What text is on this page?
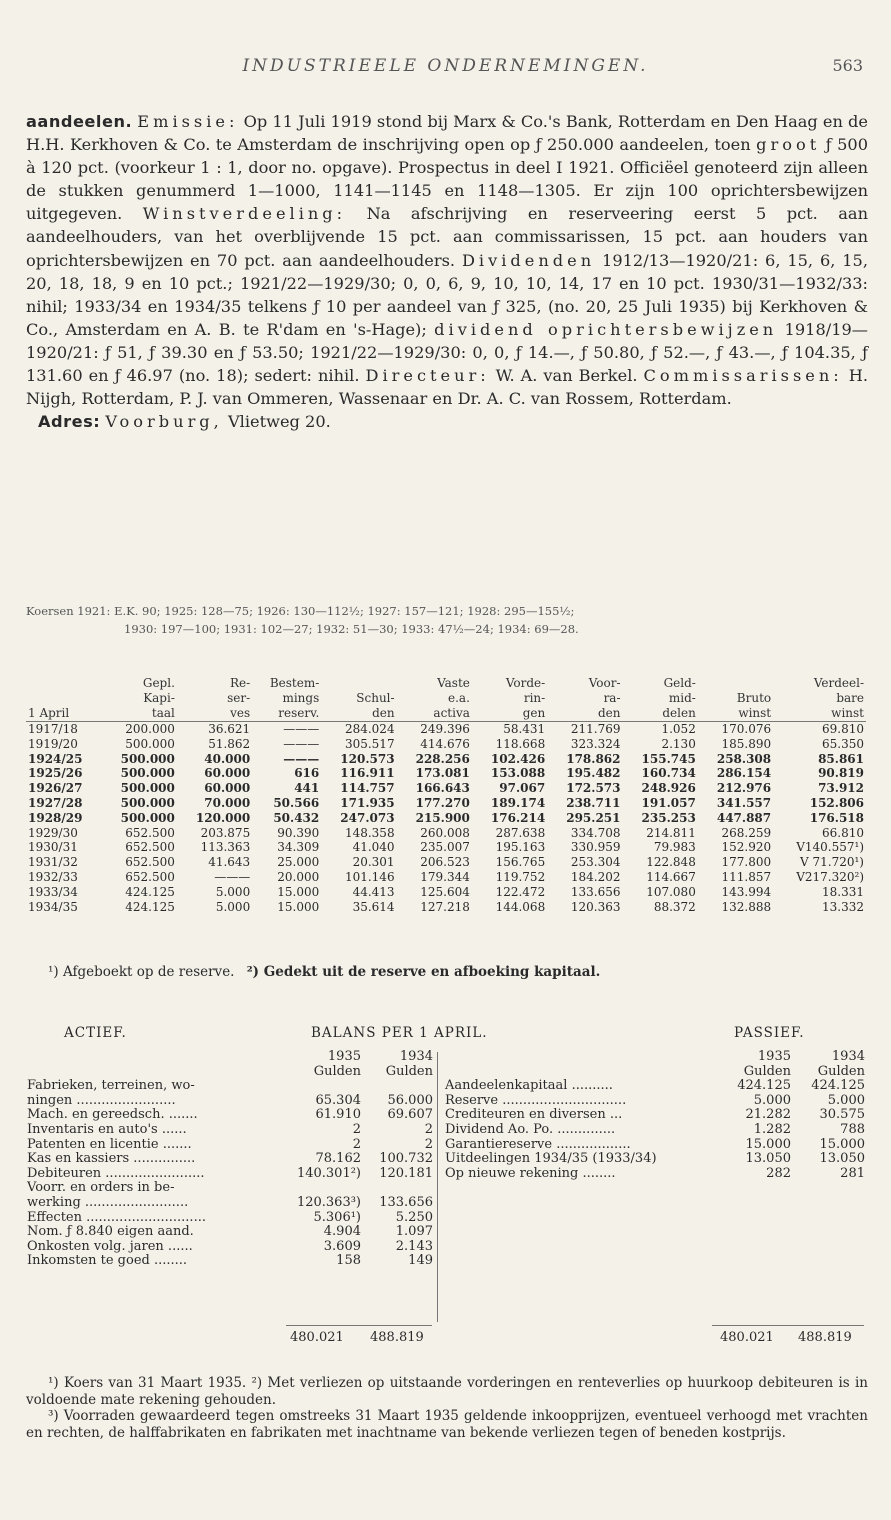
INDUSTRIEELE ONDERNEMINGEN.	563
aandeelen. Emissie: Op 11 Juli 1919 stond bij Marx & Co.'s Bank, Rotterdam en Den Haag en de H.H. Kerkhoven & Co. te Amsterdam de inschrijving open op ƒ 250.000 aandeelen, toen groot ƒ 500 à 120 pct. (voorkeur 1 : 1, door no. opgave). Prospectus in deel I 1921. Officiëel genoteerd zijn alleen de stukken genummerd 1—1000, 1141—1145 en 1148—1305. Er zijn 100 oprichtersbewijzen uitgegeven. Winstverdeeling: Na afschrijving en reserveering eerst 5 pct. aan aandeelhouders, van het overblijvende 15 pct. aan commissarissen, 15 pct. aan houders van oprichtersbewijzen en 70 pct. aan aandeelhouders. Dividenden 1912/13—1920/21: 6, 15, 6, 15, 20, 18, 18, 9 en 10 pct.; 1921/22—1929/30; 0, 0, 6, 9, 10, 10, 14, 17 en 10 pct. 1930/31—1932/33: nihil; 1933/34 en 1934/35 telkens ƒ 10 per aandeel van ƒ 325, (no. 20, 25 Juli 1935) bij Kerkhoven & Co., Amsterdam en A. B. te R'dam en 's-Hage); dividend oprichtersbewijzen 1918/19—1920/21: ƒ 51, ƒ 39.30 en ƒ 53.50; 1921/22—1929/30: 0, 0, ƒ 14.—, ƒ 50.80, ƒ 52.—, ƒ 43.—, ƒ 104.35, ƒ 131.60 en ƒ 46.97 (no. 18); sedert: nihil. Directeur: W. A. van Berkel. Commissarissen: H. Nijgh, Rotterdam, P. J. van Ommeren, Wassenaar en Dr. A. C. van Rossem, Rotterdam.
Adres: Voorburg, Vlietweg 20.
Koersen 1921: E.K. 90; 1925: 128—75; 1926: 130—112½; 1927: 157—121; 1928: 295—155½;
1930: 197—100; 1931: 102—27; 1932: 51—30; 1933: 47½—24; 1934: 69—28.
	Gepl.	Re-	Bestem-		Vaste	Vorde-	Voor-	Geld-		Verdeel-
	Kapi-	ser-	mings	Schul-	e.a.	rin-	ra-	mid-	Bruto	bare
1 April	taal	ves	reserv.	den	activa	gen	den	delen	winst	winst
1917/18	200.000	36.621	———	284.024	249.396	58.431	211.769	1.052	170.076	69.810
1919/20	500.000	51.862	———	305.517	414.676	118.668	323.324	2.130	185.890	65.350
1924/25	500.000	40.000	———	120.573	228.256	102.426	178.862	155.745	258.308	85.861
1925/26	500.000	60.000	616	116.911	173.081	153.088	195.482	160.734	286.154	90.819
1926/27	500.000	60.000	441	114.757	166.643	97.067	172.573	248.926	212.976	73.912
1927/28	500.000	70.000	50.566	171.935	177.270	189.174	238.711	191.057	341.557	152.806
1928/29	500.000	120.000	50.432	247.073	215.900	176.214	295.251	235.253	447.887	176.518
1929/30	652.500	203.875	90.390	148.358	260.008	287.638	334.708	214.811	268.259	66.810
1930/31	652.500	113.363	34.309	41.040	235.007	195.163	330.959	79.983	152.920	V140.557¹)
1931/32	652.500	41.643	25.000	20.301	206.523	156.765	253.304	122.848	177.800	V 71.720¹)
1932/33	652.500	———	20.000	101.146	179.344	119.752	184.202	114.667	111.857	V217.320²)
1933/34	424.125	5.000	15.000	44.413	125.604	122.472	133.656	107.080	143.994	18.331
1934/35	424.125	5.000	15.000	35.614	127.218	144.068	120.363	88.372	132.888	13.332
¹) Afgeboekt op de reserve. ²) Gedekt uit de reserve en afboeking kapitaal.
ACTIEF.	BALANS PER 1 APRIL.	PASSIEF.
	1935	1934
	Gulden	Gulden
Fabrieken, terreinen, wo-		
ningen ........................	65.304	56.000
Mach. en gereedsch. .......	61.910	69.607
Inventaris en auto's ......	2	2
Patenten en licentie .......	2	2
Kas en kassiers ...............	78.162	100.732
Debiteuren ........................	140.301²)	120.181
Voorr. en orders in be-		
werking .........................	120.363³)	133.656
Effecten .............................	5.306¹)	5.250
Nom. ƒ 8.840 eigen aand.	4.904	1.097
Onkosten volg. jaren ......	3.609	2.143
Inkomsten te goed ........	158	149
	1935	1934
	Gulden	Gulden
Aandeelenkapitaal ..........	424.125	424.125
Reserve ..............................	5.000	5.000
Crediteuren en diversen ...	21.282	30.575
Dividend Ao. Po. ..............	1.282	788
Garantiereserve ..................	15.000	15.000
Uitdeelingen 1934/35 (1933/34)	13.050	13.050
Op nieuwe rekening ........	282	281
480.021 488.819	480.021 488.819
¹) Koers van 31 Maart 1935. ²) Met verliezen op uitstaande vorderingen en renteverlies op huurkoop debiteuren is in voldoende mate rekening gehouden.
³) Voorraden gewaardeerd tegen omstreeks 31 Maart 1935 geldende inkoopprijzen, eventueel verhoogd met vrachten en rechten, de halffabrikaten en fabrikaten met inachtname van bekende verliezen tegen of beneden kostprijs.
